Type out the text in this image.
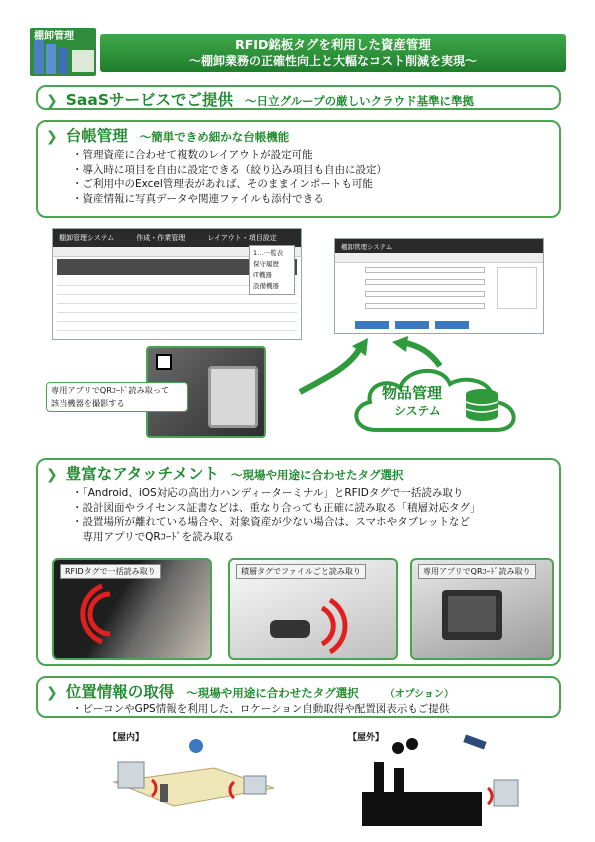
棚卸管理
RFID銘板タグを利用した資産管理
～棚卸業務の正確性向上と大幅なコスト削減を実現～
❯ SaaSサービスでご提供 ～日立グループの厳しいクラウド基準に準拠
❯ 台帳管理 ～簡単できめ細かな台帳機能
・管理資産に合わせて複数のレイアウトが設定可能
・導入時に項目を自由に設定できる（絞り込み項目も自由に設定）
・ご利用中のExcel管理表があれば、そのままインポートも可能
・資産情報に写真データや関連ファイルも添付できる
棚卸管理システム	作成・作業管理	レイアウト・項目設定
1…一覧表
保守履歴
IT機器
設備機器
棚卸管理システム
専用アプリでQRｺｰﾄﾞ読み取って
該当機器を撮影する
物品管理
システム
❯ 豊富なアタッチメント ～現場や用途に合わせたタグ選択
・「Android、iOS対応の高出力ハンディーターミナル」とRFIDタグで一括読み取り
・設計図面やライセンス証書などは、重なり合っても正確に読み取る「積層対応タグ」
・設置場所が離れている場合や、対象資産が少ない場合は、スマホやタブレットなど
　専用アプリでQRｺｰﾄﾞを読み取る
RFIDタグで一括読み取り	積層タグでファイルごと読み取り	専用アプリでQRｺｰﾄﾞ読み取り
❯ 位置情報の取得 ～現場や用途に合わせたタグ選択	（オプション）
・ビーコンやGPS情報を利用した、ロケーション自動取得や配置図表示もご提供
【屋内】	【屋外】
